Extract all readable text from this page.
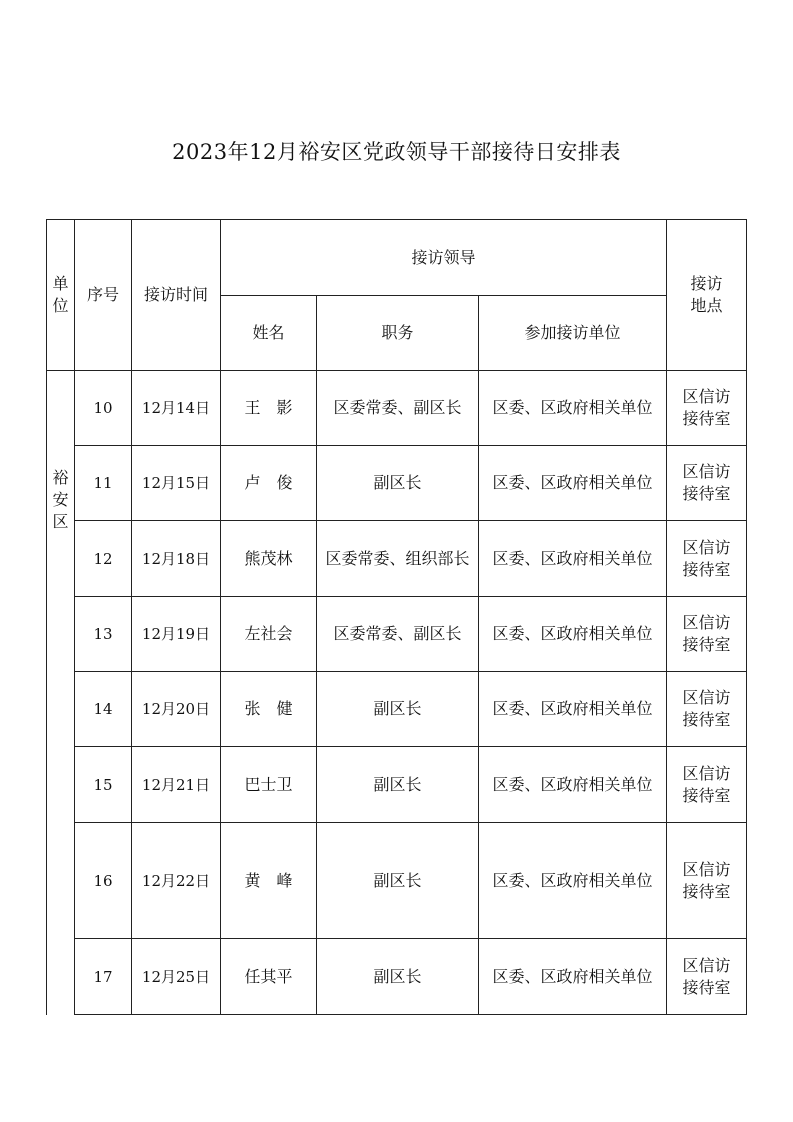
2023年12月裕安区党政领导干部接待日安排表
单
位	序号	接访时间	接访领导			接访
地点

			姓名	职务	参加接访单位	

裕
安
区	10	12月14日	王　影	区委常委、副区长	区委、区政府相关单位	区信访
接待室

	11	12月15日	卢　俊	副区长	区委、区政府相关单位	区信访
接待室

	12	12月18日	熊茂林	区委常委、组织部长	区委、区政府相关单位	区信访
接待室

	13	12月19日	左社会	区委常委、副区长	区委、区政府相关单位	区信访
接待室

	14	12月20日	张　健	副区长	区委、区政府相关单位	区信访
接待室

	15	12月21日	巴士卫	副区长	区委、区政府相关单位	区信访
接待室

	16	12月22日	黄　峰	副区长	区委、区政府相关单位	区信访
接待室

	17	12月25日	任其平	副区长	区委、区政府相关单位	区信访
接待室
